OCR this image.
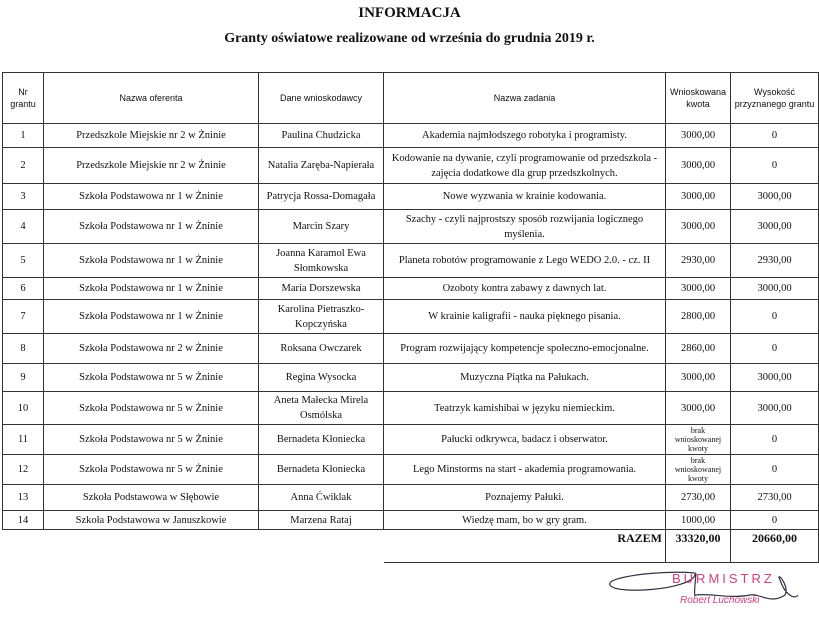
INFORMACJA
Granty oświatowe realizowane od września do grudnia 2019 r.
Nr grantu	Nazwa oferenta	Dane wnioskodawcy	Nazwa zadania	Wnioskowana kwota	Wysokość przyznanego grantu
1	Przedszkole Miejskie nr 2 w Żninie	Paulina Chudzicka	Akademia najmłodszego robotyka i programisty.	3000,00	0
2	Przedszkole Miejskie nr 2 w Żninie	Natalia Zaręba-Napierała	Kodowanie na dywanie, czyli programowanie od przedszkola - zajęcia dodatkowe dla grup przedszkolnych.	3000,00	0
3	Szkoła Podstawowa nr 1 w Żninie	Patrycja Rossa-Domagała	Nowe wyzwania w krainie kodowania.	3000,00	3000,00
4	Szkoła Podstawowa nr 1 w Żninie	Marcin Szary	Szachy - czyli najprostszy sposób rozwijania logicznego myślenia.	3000,00	3000,00
5	Szkoła Podstawowa nr 1 w Żninie	Joanna Karamol Ewa Słomkowska	Planeta robotów programowanie z Lego WEDO 2.0. - cz. II	2930,00	2930,00
6	Szkoła Podstawowa nr 1 w Żninie	Maria Dorszewska	Ozoboty kontra zabawy z dawnych lat.	3000,00	3000,00
7	Szkoła Podstawowa nr 1 w Żninie	Karolina Pietraszko-Kopczyńska	W krainie kaligrafii - nauka pięknego pisania.	2800,00	0
8	Szkoła Podstawowa nr 2 w Żninie	Roksana Owczarek	Program rozwijający kompetencje społeczno-emocjonalne.	2860,00	0
9	Szkoła Podstawowa nr 5 w Żninie	Regina Wysocka	Muzyczna Piątka na Pałukach.	3000,00	3000,00
10	Szkoła Podstawowa nr 5 w Żninie	Aneta Małecka Mirela Osmólska	Teatrzyk kamishibai w języku niemieckim.	3000,00	3000,00
11	Szkoła Podstawowa nr 5 w Żninie	Bernadeta Kłoniecka	Pałucki odkrywca, badacz i obserwator.	brak wnioskowanej kwoty	0
12	Szkoła Podstawowa nr 5 w Żninie	Bernadeta Kłoniecka	Lego Minstorms na start - akademia programowania.	brak wnioskowanej kwoty	0
13	Szkoła Podstawowa w Słębowie	Anna Ćwiklak	Poznajemy Pałuki.	2730,00	2730,00
14	Szkoła Podstawowa w Januszkowie	Marzena Rataj	Wiedzę mam, bo w gry gram.	1000,00	0
			RAZEM	33320,00	20660,00
BURMISTRZ
Robert Luchowski
